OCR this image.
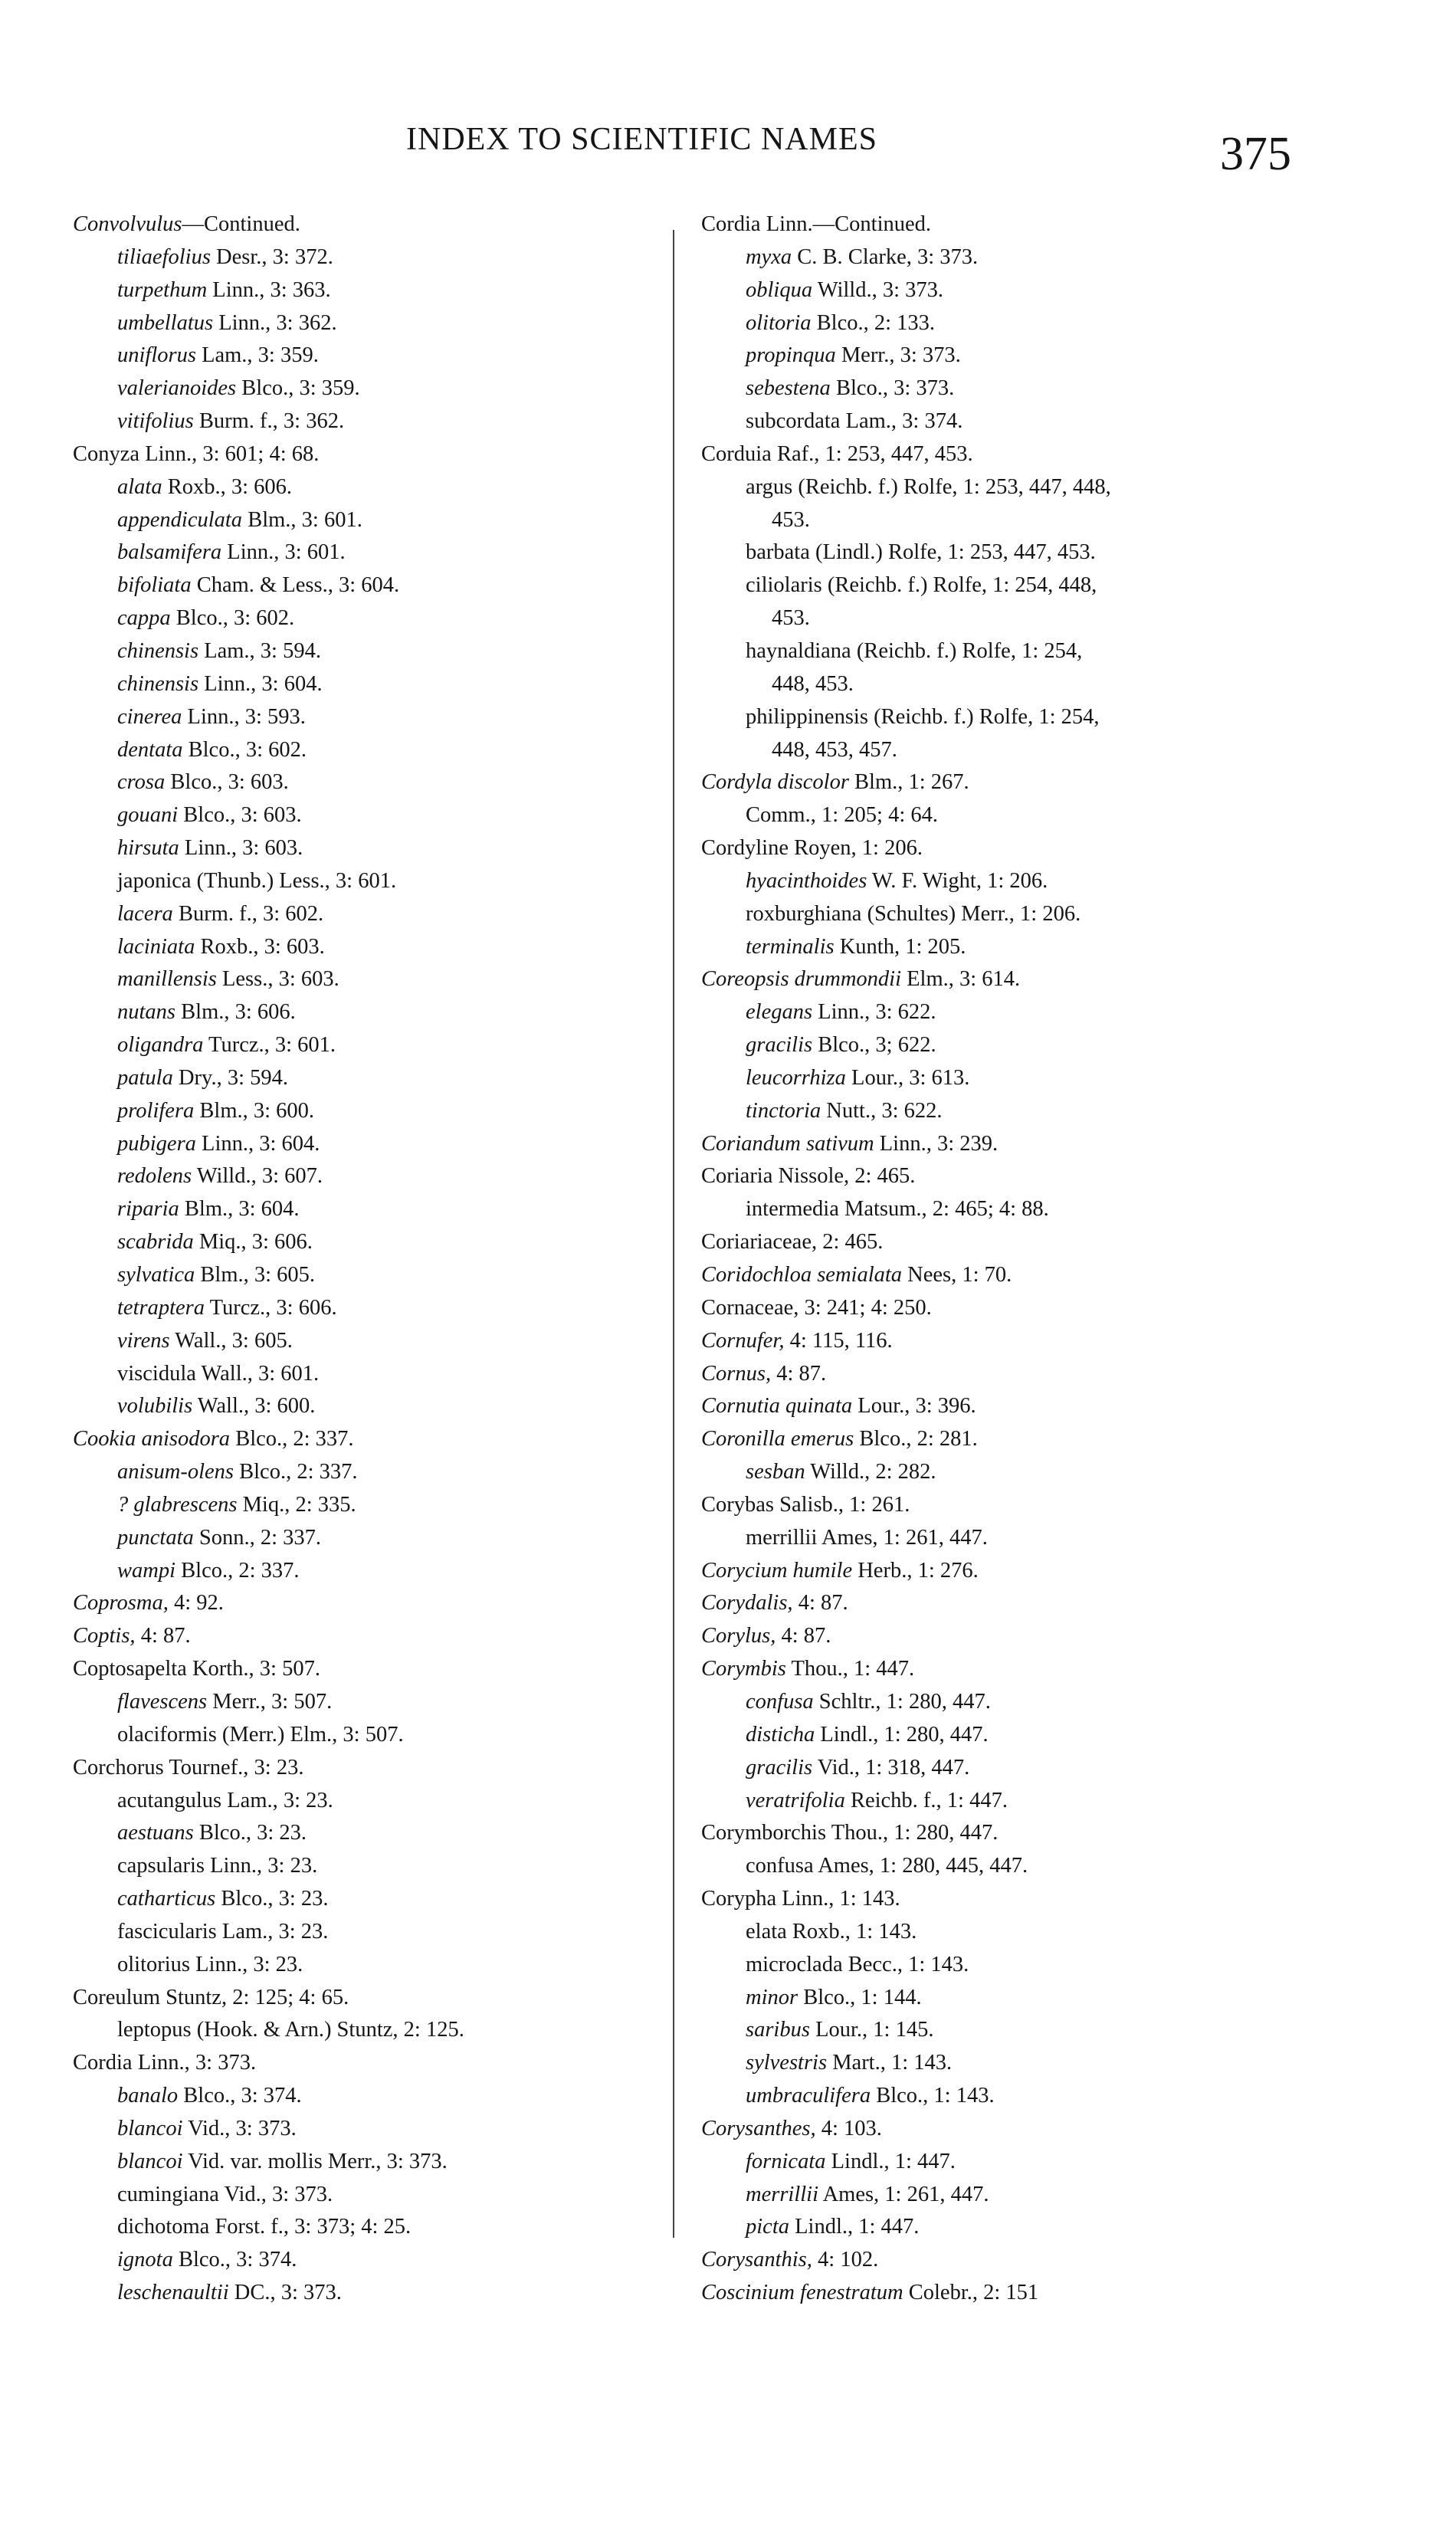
INDEX TO SCIENTIFIC NAMES	375
Convolvulus—Continued.
tiliaefolius Desr., 3: 372.
turpethum Linn., 3: 363.
umbellatus Linn., 3: 362.
uniflorus Lam., 3: 359.
valerianoides Blco., 3: 359.
vitifolius Burm. f., 3: 362.
Conyza Linn., 3: 601; 4: 68.
alata Roxb., 3: 606.
appendiculata Blm., 3: 601.
balsamifera Linn., 3: 601.
bifoliata Cham. & Less., 3: 604.
cappa Blco., 3: 602.
chinensis Lam., 3: 594.
chinensis Linn., 3: 604.
cinerea Linn., 3: 593.
dentata Blco., 3: 602.
crosa Blco., 3: 603.
gouani Blco., 3: 603.
hirsuta Linn., 3: 603.
japonica (Thunb.) Less., 3: 601.
lacera Burm. f., 3: 602.
laciniata Roxb., 3: 603.
manillensis Less., 3: 603.
nutans Blm., 3: 606.
oligandra Turcz., 3: 601.
patula Dry., 3: 594.
prolifera Blm., 3: 600.
pubigera Linn., 3: 604.
redolens Willd., 3: 607.
riparia Blm., 3: 604.
scabrida Miq., 3: 606.
sylvatica Blm., 3: 605.
tetraptera Turcz., 3: 606.
virens Wall., 3: 605.
viscidula Wall., 3: 601.
volubilis Wall., 3: 600.
Cookia anisodora Blco., 2: 337.
anisum-olens Blco., 2: 337.
? glabrescens Miq., 2: 335.
punctata Sonn., 2: 337.
wampi Blco., 2: 337.
Coprosma, 4: 92.
Coptis, 4: 87.
Coptosapelta Korth., 3: 507.
flavescens Merr., 3: 507.
olaciformis (Merr.) Elm., 3: 507.
Corchorus Tournef., 3: 23.
acutangulus Lam., 3: 23.
aestuans Blco., 3: 23.
capsularis Linn., 3: 23.
catharticus Blco., 3: 23.
fascicularis Lam., 3: 23.
olitorius Linn., 3: 23.
Coreulum Stuntz, 2: 125; 4: 65.
leptopus (Hook. & Arn.) Stuntz, 2: 125.
Cordia Linn., 3: 373.
banalo Blco., 3: 374.
blancoi Vid., 3: 373.
blancoi Vid. var. mollis Merr., 3: 373.
cumingiana Vid., 3: 373.
dichotoma Forst. f., 3: 373; 4: 25.
ignota Blco., 3: 374.
leschenaultii DC., 3: 373.
Cordia Linn.—Continued.
myxa C. B. Clarke, 3: 373.
obliqua Willd., 3: 373.
olitoria Blco., 2: 133.
propinqua Merr., 3: 373.
sebestena Blco., 3: 373.
subcordata Lam., 3: 374.
Corduia Raf., 1: 253, 447, 453.
argus (Reichb. f.) Rolfe, 1: 253, 447, 448,
453.
barbata (Lindl.) Rolfe, 1: 253, 447, 453.
ciliolaris (Reichb. f.) Rolfe, 1: 254, 448,
453.
haynaldiana (Reichb. f.) Rolfe, 1: 254,
448, 453.
philippinensis (Reichb. f.) Rolfe, 1: 254,
448, 453, 457.
Cordyla discolor Blm., 1: 267.
Comm., 1: 205; 4: 64.
Cordyline Royen, 1: 206.
hyacinthoides W. F. Wight, 1: 206.
roxburghiana (Schultes) Merr., 1: 206.
terminalis Kunth, 1: 205.
Coreopsis drummondii Elm., 3: 614.
elegans Linn., 3: 622.
gracilis Blco., 3; 622.
leucorrhiza Lour., 3: 613.
tinctoria Nutt., 3: 622.
Coriandum sativum Linn., 3: 239.
Coriaria Nissole, 2: 465.
intermedia Matsum., 2: 465; 4: 88.
Coriariaceae, 2: 465.
Coridochloa semialata Nees, 1: 70.
Cornaceae, 3: 241; 4: 250.
Cornufer, 4: 115, 116.
Cornus, 4: 87.
Cornutia quinata Lour., 3: 396.
Coronilla emerus Blco., 2: 281.
sesban Willd., 2: 282.
Corybas Salisb., 1: 261.
merrillii Ames, 1: 261, 447.
Corycium humile Herb., 1: 276.
Corydalis, 4: 87.
Corylus, 4: 87.
Corymbis Thou., 1: 447.
confusa Schltr., 1: 280, 447.
disticha Lindl., 1: 280, 447.
gracilis Vid., 1: 318, 447.
veratrifolia Reichb. f., 1: 447.
Corymborchis Thou., 1: 280, 447.
confusa Ames, 1: 280, 445, 447.
Corypha Linn., 1: 143.
elata Roxb., 1: 143.
microclada Becc., 1: 143.
minor Blco., 1: 144.
saribus Lour., 1: 145.
sylvestris Mart., 1: 143.
umbraculifera Blco., 1: 143.
Corysanthes, 4: 103.
fornicata Lindl., 1: 447.
merrillii Ames, 1: 261, 447.
picta Lindl., 1: 447.
Corysanthis, 4: 102.
Coscinium fenestratum Colebr., 2: 151
